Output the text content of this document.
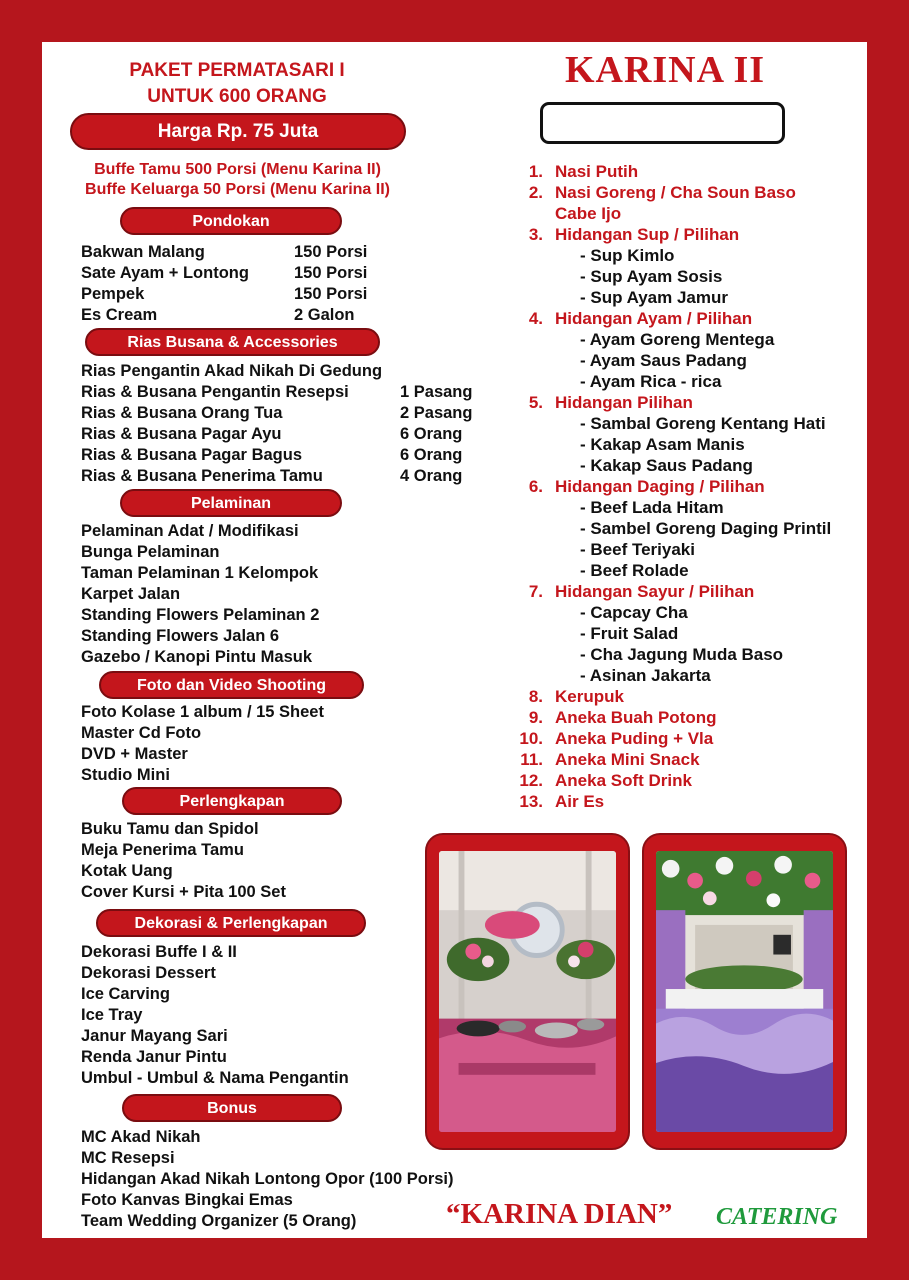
PAKET PERMATASARI I
UNTUK 600 ORANG
Harga Rp. 75 Juta
Buffe Tamu 500 Porsi (Menu Karina II)
Buffe Keluarga 50 Porsi (Menu Karina II)
Pondokan
Rias Busana & Accessories
Pelaminan
Foto dan Video Shooting
Perlengkapan
Dekorasi & Perlengkapan
Bonus
Bakwan Malang	150 Porsi
Sate Ayam + Lontong	150 Porsi
Pempek	150 Porsi
Es Cream	2 Galon
Rias Pengantin Akad Nikah Di Gedung
Rias & Busana Pengantin Resepsi	1 Pasang
Rias & Busana Orang Tua	2 Pasang
Rias & Busana Pagar Ayu	6 Orang
Rias & Busana Pagar Bagus	6 Orang
Rias & Busana Penerima Tamu	4 Orang
Pelaminan Adat / Modifikasi
Bunga Pelaminan
Taman Pelaminan 1 Kelompok
Karpet Jalan
Standing Flowers Pelaminan 2
Standing Flowers Jalan 6
Gazebo / Kanopi Pintu Masuk
Foto Kolase 1 album / 15 Sheet
Master Cd Foto
DVD + Master
Studio Mini
Buku Tamu dan Spidol
Meja Penerima Tamu
Kotak Uang
Cover Kursi + Pita 100 Set
Dekorasi Buffe I & II
Dekorasi Dessert
Ice Carving
Ice Tray
Janur Mayang Sari
Renda Janur Pintu
Umbul - Umbul & Nama Pengantin
MC Akad Nikah
MC Resepsi
Hidangan Akad Nikah Lontong Opor (100 Porsi)
Foto Kanvas Bingkai Emas
Team Wedding Organizer (5 Orang)
KARINA II
1. Nasi Putih
2. Nasi Goreng / Cha Soun Baso
Cabe Ijo
3. Hidangan Sup / Pilihan
- Sup Kimlo
- Sup Ayam Sosis
- Sup Ayam Jamur
4. Hidangan Ayam / Pilihan
- Ayam Goreng Mentega
- Ayam Saus Padang
- Ayam Rica - rica
5. Hidangan Pilihan
- Sambal Goreng Kentang Hati
- Kakap Asam Manis
- Kakap Saus Padang
6. Hidangan Daging / Pilihan
- Beef Lada Hitam
- Sambel Goreng Daging Printil
- Beef Teriyaki
- Beef Rolade
7. Hidangan Sayur / Pilihan
- Capcay Cha
- Fruit Salad
- Cha Jagung Muda Baso
- Asinan Jakarta
8. Kerupuk
9. Aneka Buah Potong
10. Aneka Puding + Vla
11. Aneka Mini Snack
12. Aneka Soft Drink
13. Air Es
“KARINA DIAN” CATERING
